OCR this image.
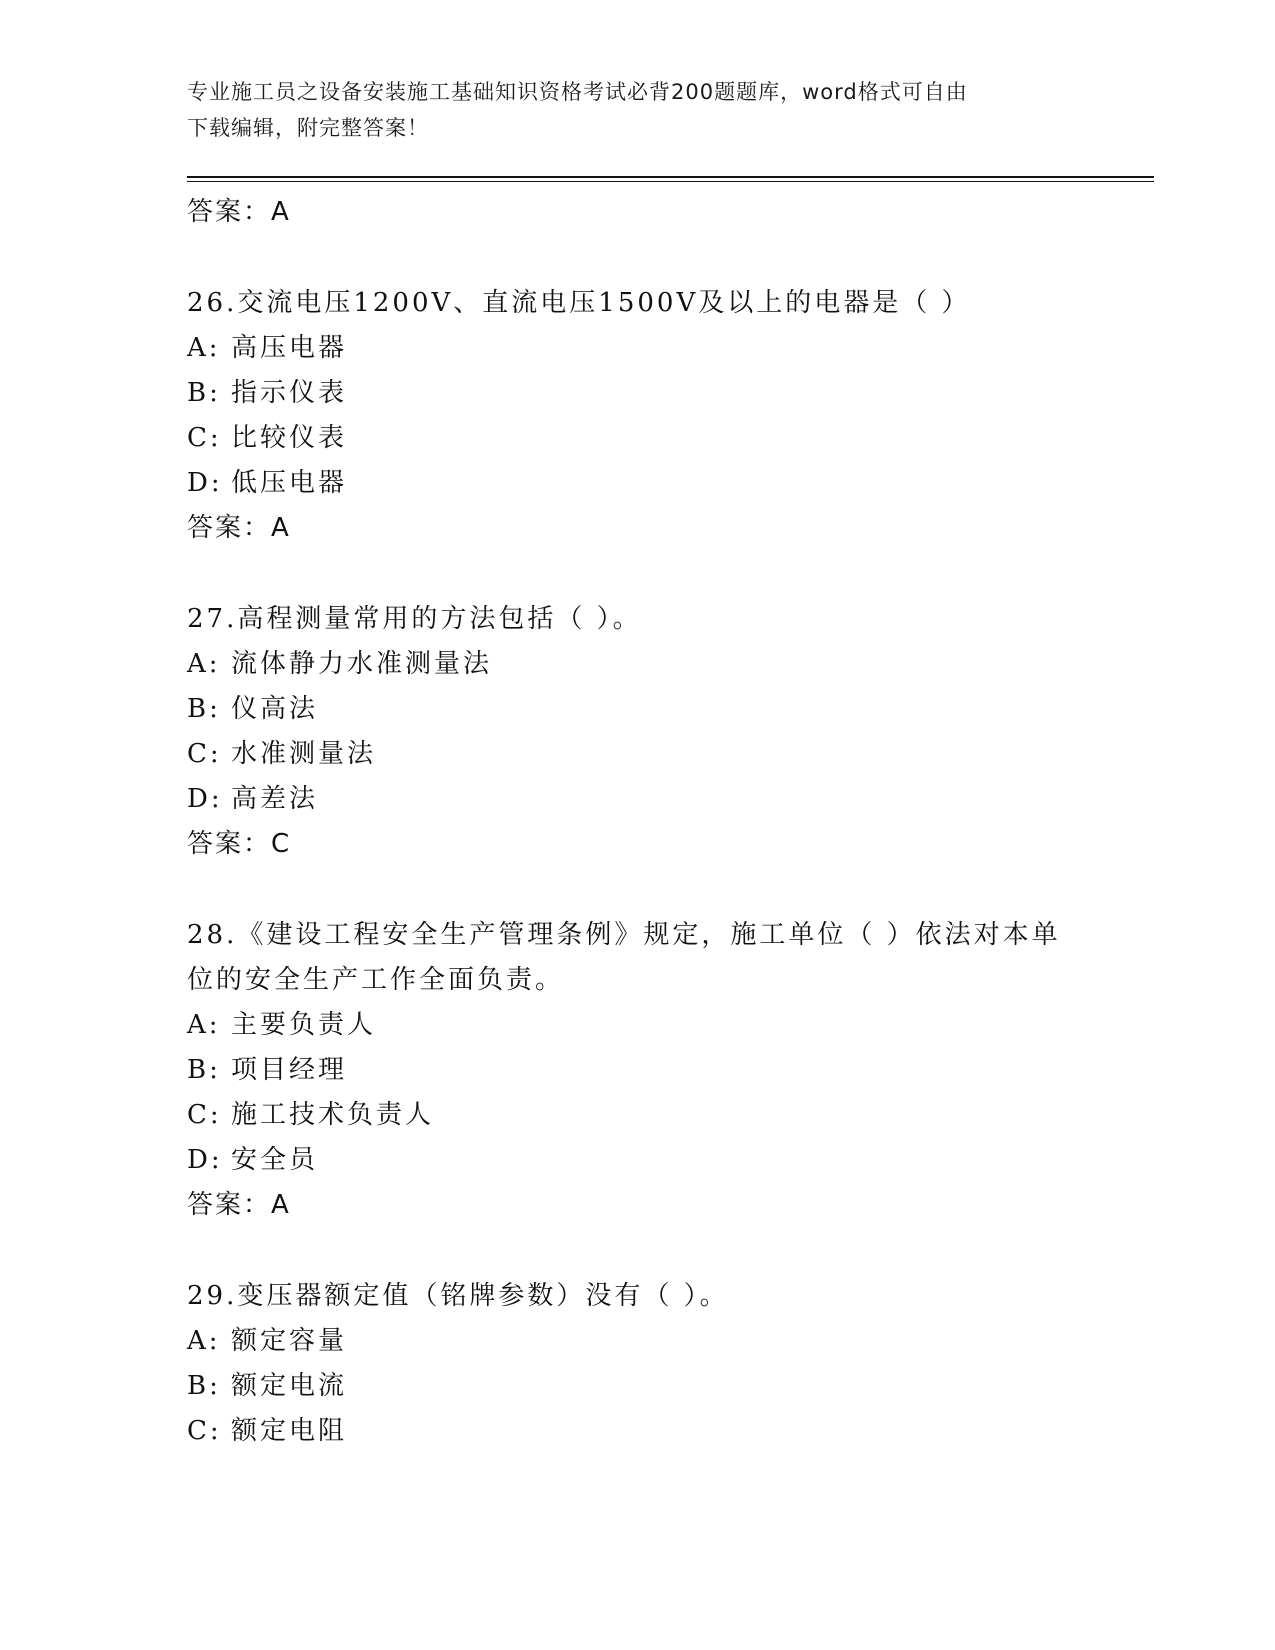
专业施工员之设备安装施工基础知识资格考试必背200题题库，word格式可自由
下载编辑，附完整答案！
答案：A
26.交流电压1200V、直流电压1500V及以上的电器是（ ）
A: 高压电器
B: 指示仪表
C: 比较仪表
D: 低压电器
答案：A
27.高程测量常用的方法包括（ ）。
A: 流体静力水准测量法
B: 仪高法
C: 水准测量法
D: 高差法
答案：C
28.《建设工程安全生产管理条例》规定，施工单位（ ）依法对本单
位的安全生产工作全面负责。
A: 主要负责人
B: 项目经理
C: 施工技术负责人
D: 安全员
答案：A
29.变压器额定值（铭牌参数）没有（ ）。
A: 额定容量
B: 额定电流
C: 额定电阻
